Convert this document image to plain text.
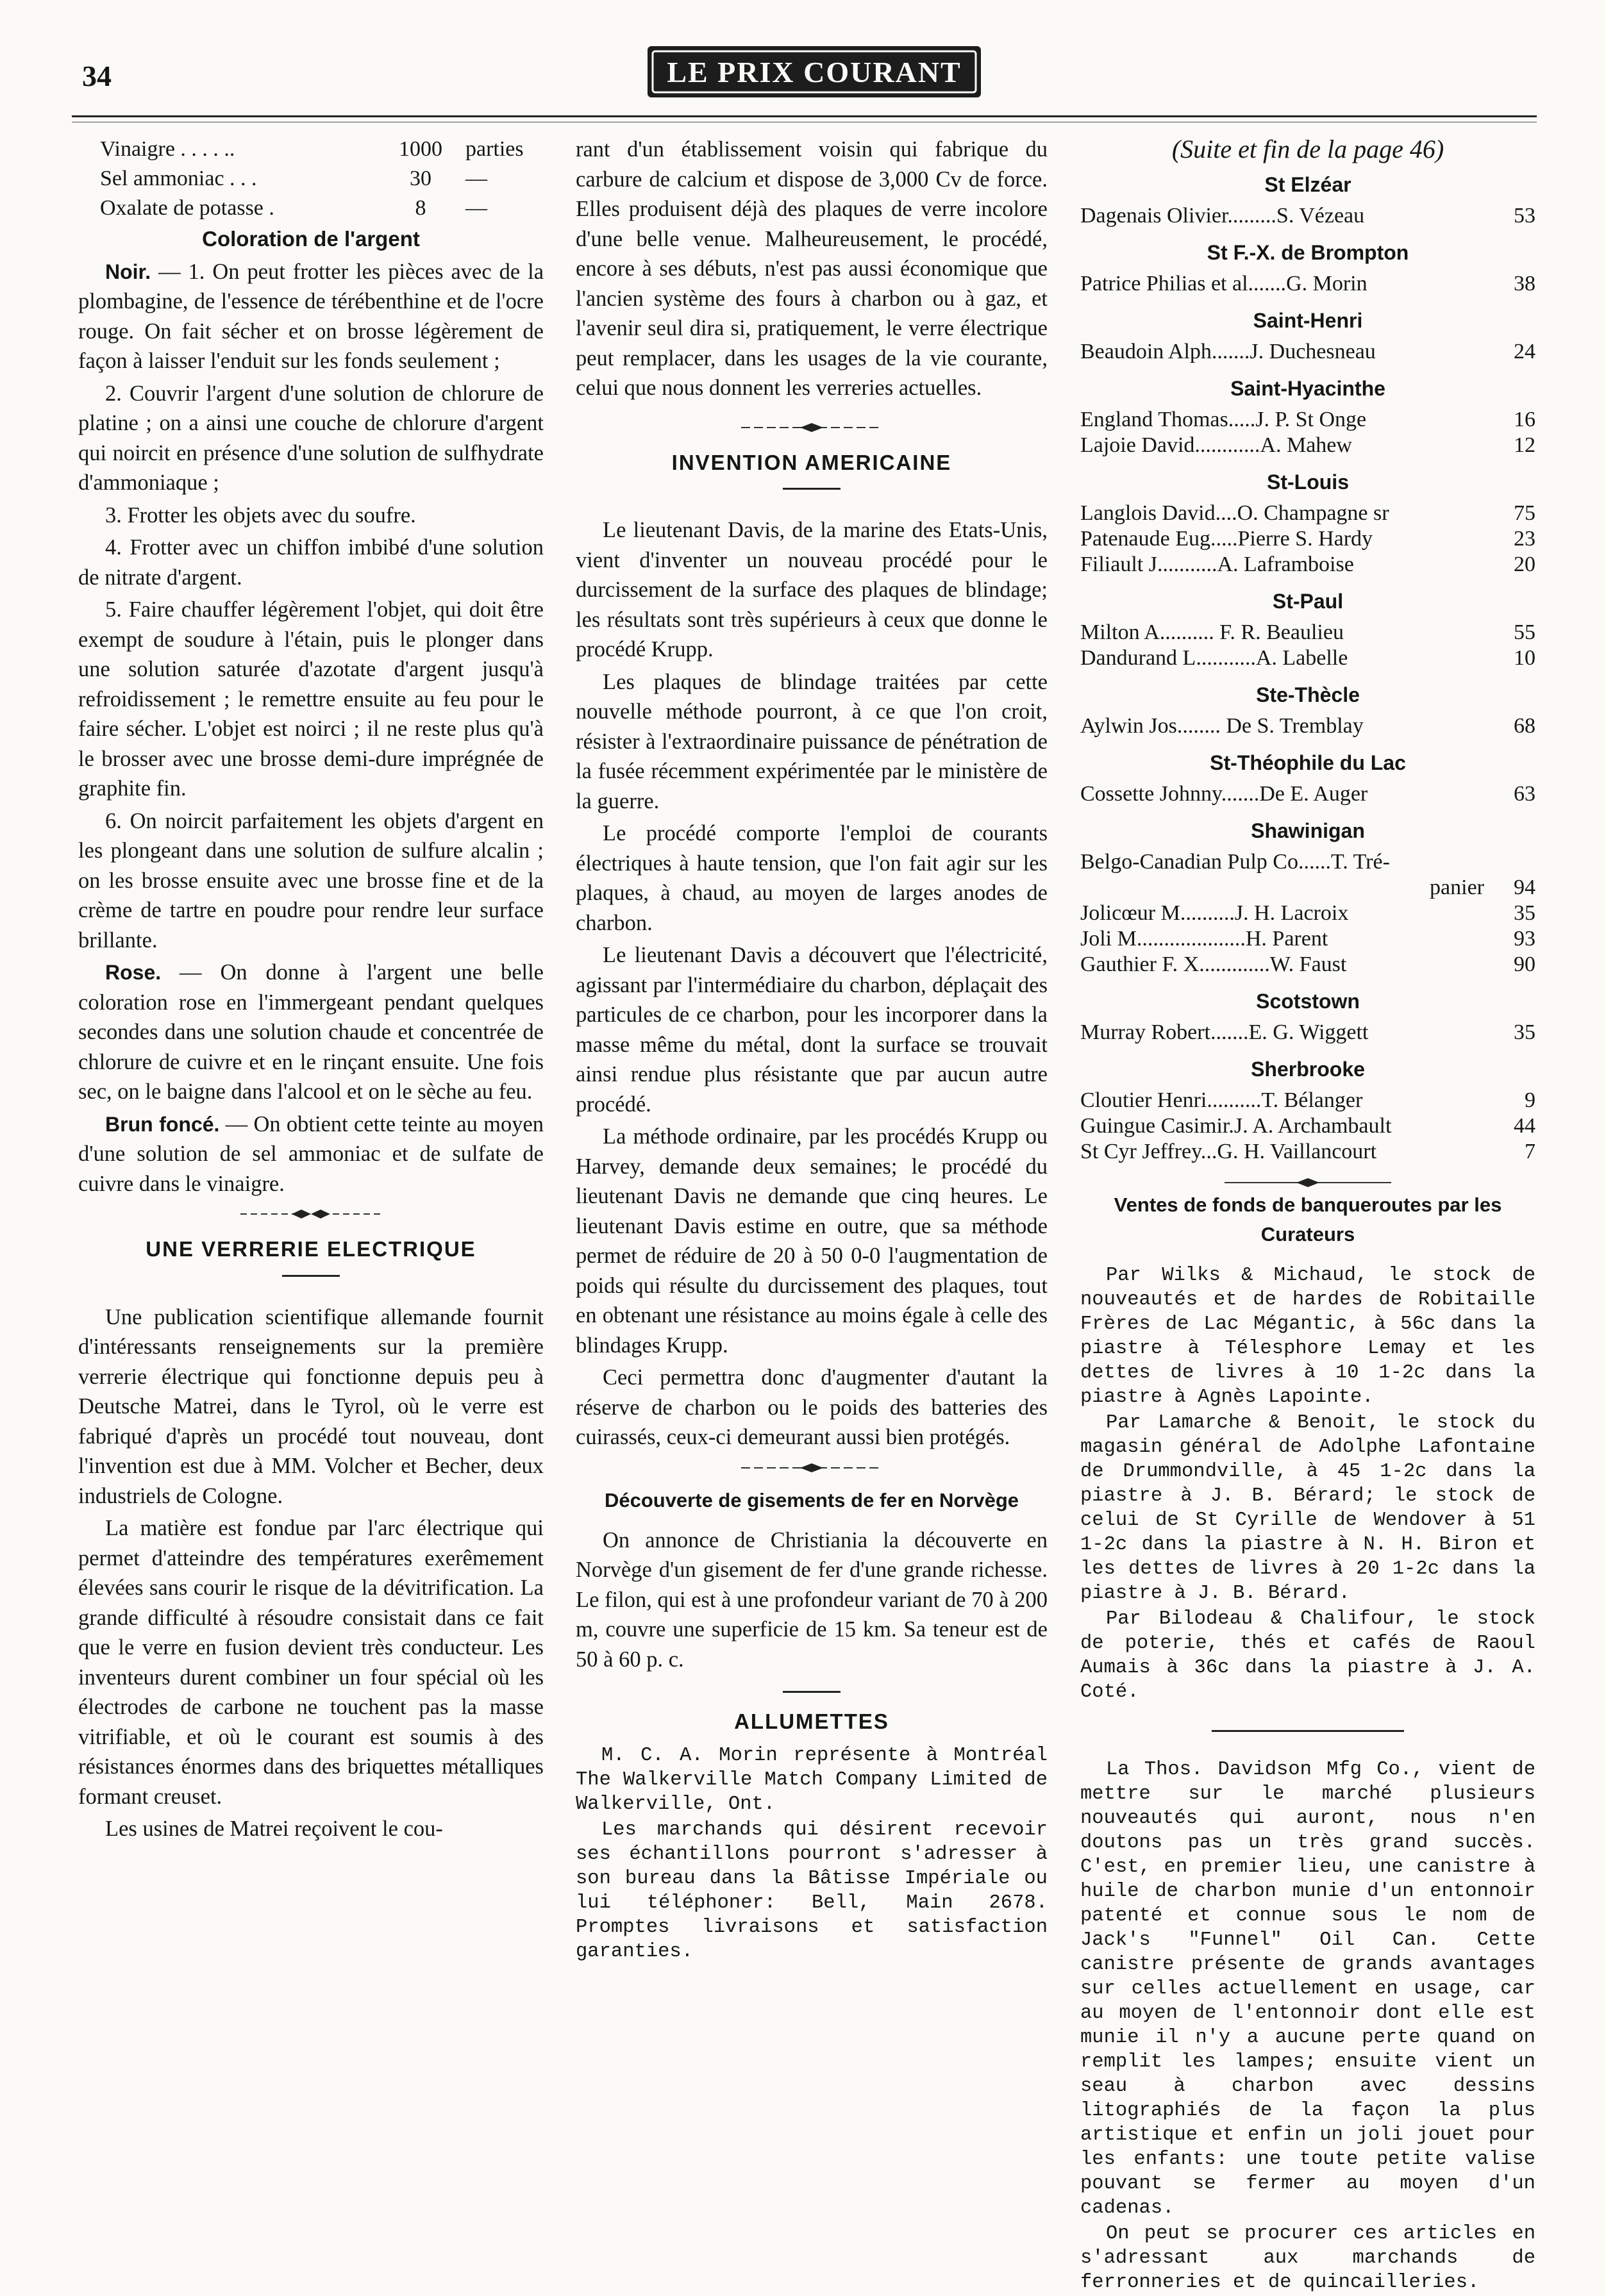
34	LE PRIX COURANT
Vinaigre . . . . ..	1000	parties
Sel ammoniac . . .	30	—
Oxalate de potasse .	8	—
Coloration de l'argent

Noir. — 1. On peut frotter les pièces avec de la plombagine, de l'essence de térébenthine et de l'ocre rouge. On fait sécher et on brosse légèrement de façon à laisser l'enduit sur les fonds seulement ;

2. Couvrir l'argent d'une solution de chlorure de platine ; on a ainsi une couche de chlorure d'argent qui noircit en présence d'une solution de sulfhydrate d'ammoniaque ;

3. Frotter les objets avec du soufre.

4. Frotter avec un chiffon imbibé d'une solution de nitrate d'argent.

5. Faire chauffer légèrement l'objet, qui doit être exempt de soudure à l'étain, puis le plonger dans une solution saturée d'azotate d'argent jusqu'à refroidissement ; le remettre ensuite au feu pour le faire sécher. L'objet est noirci ; il ne reste plus qu'à le brosser avec une brosse demi-dure imprégnée de graphite fin.

6. On noircit parfaitement les objets d'argent en les plongeant dans une solution de sulfure alcalin ; on les brosse ensuite avec une brosse fine et de la crème de tartre en poudre pour rendre leur surface brillante.

Rose. — On donne à l'argent une belle coloration rose en l'immergeant pendant quelques secondes dans une solution chaude et concentrée de chlorure de cuivre et en le rinçant ensuite. Une fois sec, on le baigne dans l'alcool et on le sèche au feu.

Brun foncé. — On obtient cette teinte au moyen d'une solution de sel ammoniac et de sulfate de cuivre dans le vinaigre.

UNE VERRERIE ELECTRIQUE

Une publication scientifique allemande fournit d'intéressants renseignements sur la première verrerie électrique qui fonctionne depuis peu à Deutsche Matrei, dans le Tyrol, où le verre est fabriqué d'après un procédé tout nouveau, dont l'invention est due à MM. Volcher et Becher, deux industriels de Cologne.

La matière est fondue par l'arc électrique qui permet d'atteindre des températures exerêmement élevées sans courir le risque de la dévitrification. La grande difficulté à résoudre consistait dans ce fait que le verre en fusion devient très conducteur. Les inventeurs durent combiner un four spécial où les électrodes de carbone ne touchent pas la masse vitrifiable, et où le courant est soumis à des résistances énormes dans des briquettes métalliques formant creuset.

Les usines de Matrei reçoivent le cou-

rant d'un établissement voisin qui fabrique du carbure de calcium et dispose de 3,000 Cv de force. Elles produisent déjà des plaques de verre incolore d'une belle venue. Malheureusement, le procédé, encore à ses débuts, n'est pas aussi économique que l'ancien système des fours à charbon ou à gaz, et l'avenir seul dira si, pratiquement, le verre électrique peut remplacer, dans les usages de la vie courante, celui que nous donnent les verreries actuelles.

INVENTION AMERICAINE

Le lieutenant Davis, de la marine des Etats-Unis, vient d'inventer un nouveau procédé pour le durcissement de la surface des plaques de blindage; les résultats sont très supérieurs à ceux que donne le procédé Krupp.

Les plaques de blindage traitées par cette nouvelle méthode pourront, à ce que l'on croit, résister à l'extraordinaire puissance de pénétration de la fusée récemment expérimentée par le ministère de la guerre.

Le procédé comporte l'emploi de courants électriques à haute tension, que l'on fait agir sur les plaques, à chaud, au moyen de larges anodes de charbon.

Le lieutenant Davis a découvert que l'électricité, agissant par l'intermédiaire du charbon, déplaçait des particules de ce charbon, pour les incorporer dans la masse même du métal, dont la surface se trouvait ainsi rendue plus résistante que par aucun autre procédé.

La méthode ordinaire, par les procédés Krupp ou Harvey, demande deux semaines; le procédé du lieutenant Davis ne demande que cinq heures. Le lieutenant Davis estime en outre, que sa méthode permet de réduire de 20 à 50 0-0 l'augmentation de poids qui résulte du durcissement des plaques, tout en obtenant une résistance au moins égale à celle des blindages Krupp.

Ceci permettra donc d'augmenter d'autant la réserve de charbon ou le poids des batteries des cuirassés, ceux-ci demeurant aussi bien protégés.

Découverte de gisements de fer en Norvège

On annonce de Christiania la découverte en Norvège d'un gisement de fer d'une grande richesse. Le filon, qui est à une profondeur variant de 70 à 200 m, couvre une superficie de 15 km. Sa teneur est de 50 à 60 p. c.

ALLUMETTES

M. C. A. Morin représente à Montréal The Walkerville Match Company Limited de Walkerville, Ont.

Les marchands qui désirent recevoir ses échantillons pourront s'adresser à son bureau dans la Bâtisse Impériale ou lui téléphoner: Bell, Main 2678. Promptes livraisons et satisfaction garanties.

(Suite et fin de la page 46)
St Elzéar
Dagenais Olivier.........S. Vézeau	53
St F.-X. de Brompton
Patrice Philias et al.......G. Morin	38
Saint-Henri
Beaudoin Alph.......J. Duchesneau	24
Saint-Hyacinthe
England Thomas.....J. P. St Onge	16
Lajoie David............A. Mahew	12
St-Louis
Langlois David....O. Champagne sr	75
Patenaude Eug.....Pierre S. Hardy	23
Filiault J...........A. Laframboise	20
St-Paul
Milton A.......... F. R. Beaulieu	55
Dandurand L...........A. Labelle	10
Ste-Thècle
Aylwin Jos........ De S. Tremblay	68
St-Théophile du Lac
Cossette Johnny.......De E. Auger	63
Shawinigan
Belgo-Canadian Pulp Co......T. Tré-
panier	94
Jolicœur M..........J. H. Lacroix	35
Joli M....................H. Parent	93
Gauthier F. X.............W. Faust	90
Scotstown
Murray Robert.......E. G. Wiggett	35
Sherbrooke
Cloutier Henri..........T. Bélanger	9
Guingue Casimir.J. A. Archambault	44
St Cyr Jeffrey...G. H. Vaillancourt	7
Ventes de fonds de banqueroutes par les Curateurs

Par Wilks & Michaud, le stock de nouveautés et de hardes de Robitaille Frères de Lac Mégantic, à 56c dans la piastre à Télesphore Lemay et les dettes de livres à 10 1-2c dans la piastre à Agnès Lapointe.

Par Lamarche & Benoit, le stock du magasin général de Adolphe Lafontaine de Drummondville, à 45 1-2c dans la piastre à J. B. Bérard; le stock de celui de St Cyrille de Wendover à 51 1-2c dans la piastre à N. H. Biron et les dettes de livres à 20 1-2c dans la piastre à J. B. Bérard.

Par Bilodeau & Chalifour, le stock de poterie, thés et cafés de Raoul Aumais à 36c dans la piastre à J. A. Coté.

La Thos. Davidson Mfg Co., vient de mettre sur le marché plusieurs nouveautés qui auront, nous n'en doutons pas un très grand succès. C'est, en premier lieu, une canistre à huile de charbon munie d'un entonnoir patenté et connue sous le nom de Jack's "Funnel" Oil Can. Cette canistre présente de grands avantages sur celles actuellement en usage, car au moyen de l'entonnoir dont elle est munie il n'y a aucune perte quand on remplit les lampes; ensuite vient un seau à charbon avec dessins litographiés de la façon la plus artistique et enfin un joli jouet pour les enfants: une toute petite valise pouvant se fermer au moyen d'un cadenas.

On peut se procurer ces articles en s'adressant aux marchands de ferronneries et de quincailleries.
